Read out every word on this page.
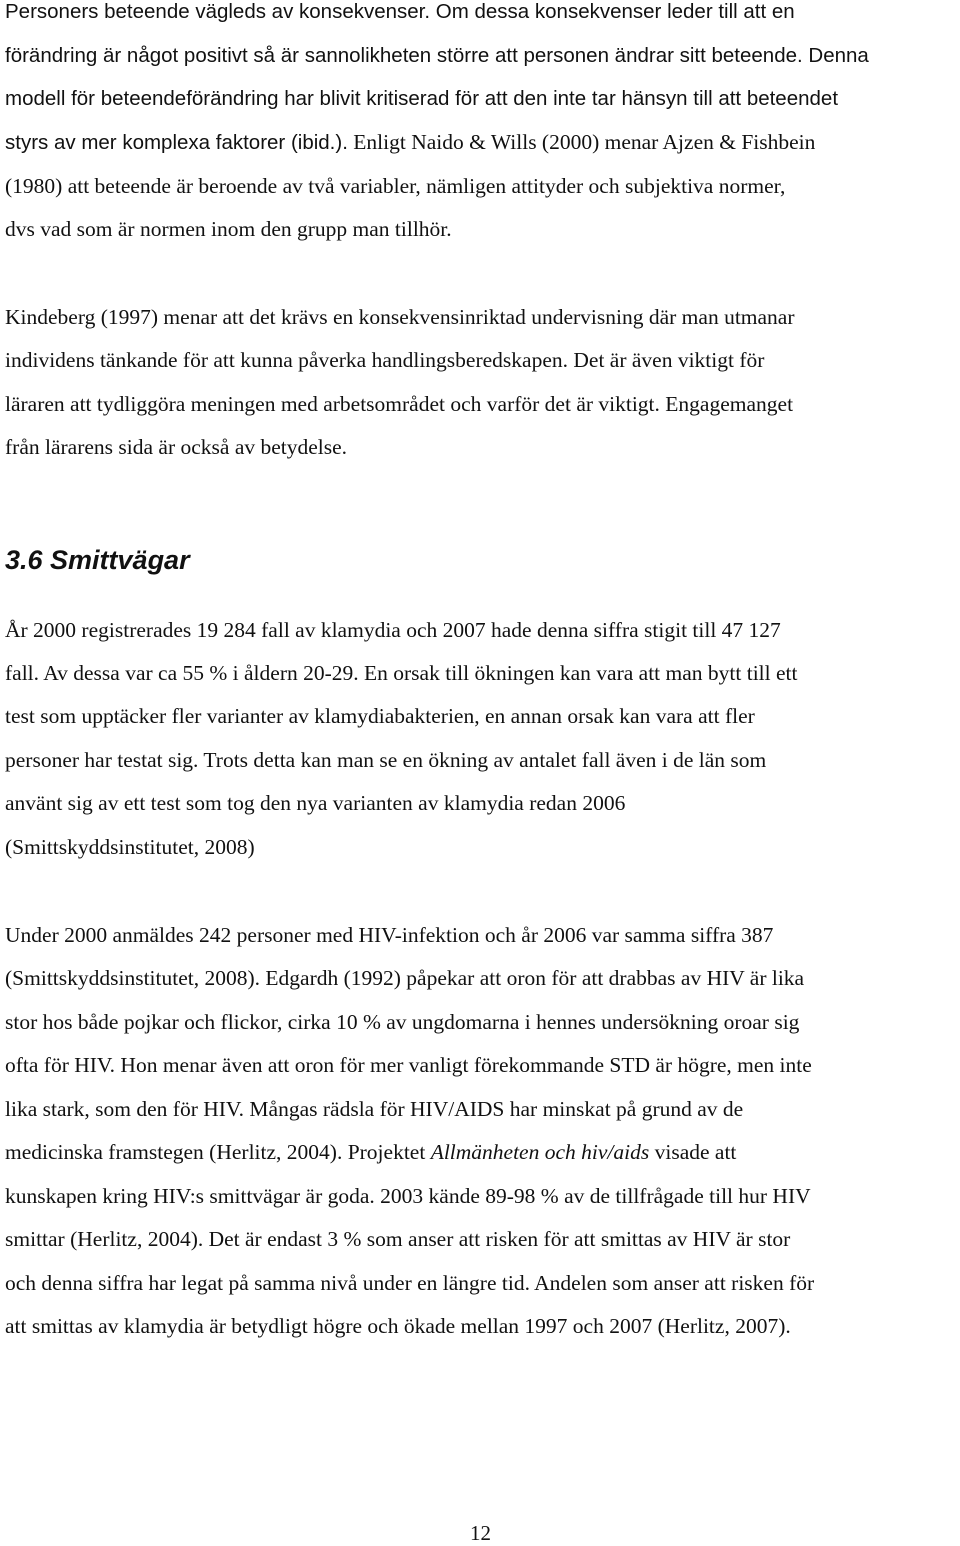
Personers beteende vägleds av konsekvenser. Om dessa konsekvenser leder till att en
förändring är något positivt så är sannolikheten större att personen ändrar sitt beteende. Denna
modell för beteendeförändring har blivit kritiserad för att den inte tar hänsyn till att beteendet
styrs av mer komplexa faktorer (ibid.). Enligt Naido & Wills (2000) menar Ajzen & Fishbein
(1980) att beteende är beroende av två variabler, nämligen attityder och subjektiva normer,
dvs vad som är normen inom den grupp man tillhör.
Kindeberg (1997) menar att det krävs en konsekvensinriktad undervisning där man utmanar
individens tänkande för att kunna påverka handlingsberedskapen. Det är även viktigt för
läraren att tydliggöra meningen med arbetsområdet och varför det är viktigt. Engagemanget
från lärarens sida är också av betydelse.
3.6 Smittvägar
År 2000 registrerades 19 284 fall av klamydia och 2007 hade denna siffra stigit till 47 127
fall. Av dessa var ca 55 % i åldern 20-29. En orsak till ökningen kan vara att man bytt till ett
test som upptäcker fler varianter av klamydiabakterien, en annan orsak kan vara att fler
personer har testat sig. Trots detta kan man se en ökning av antalet fall även i de län som
använt sig av ett test som tog den nya varianten av klamydia redan 2006
(Smittskyddsinstitutet, 2008)
Under 2000 anmäldes 242 personer med HIV-infektion och år 2006 var samma siffra 387
(Smittskyddsinstitutet, 2008). Edgardh (1992) påpekar att oron för att drabbas av HIV är lika
stor hos både pojkar och flickor, cirka 10 % av ungdomarna i hennes undersökning oroar sig
ofta för HIV. Hon menar även att oron för mer vanligt förekommande STD är högre, men inte
lika stark, som den för HIV. Mångas rädsla för HIV/AIDS har minskat på grund av de
medicinska framstegen (Herlitz, 2004). Projektet Allmänheten och hiv/aids visade att
kunskapen kring HIV:s smittvägar är goda. 2003 kände 89-98 % av de tillfrågade till hur HIV
smittar (Herlitz, 2004). Det är endast 3 % som anser att risken för att smittas av HIV är stor
och denna siffra har legat på samma nivå under en längre tid. Andelen som anser att risken för
att smittas av klamydia är betydligt högre och ökade mellan 1997 och 2007 (Herlitz, 2007).
12
